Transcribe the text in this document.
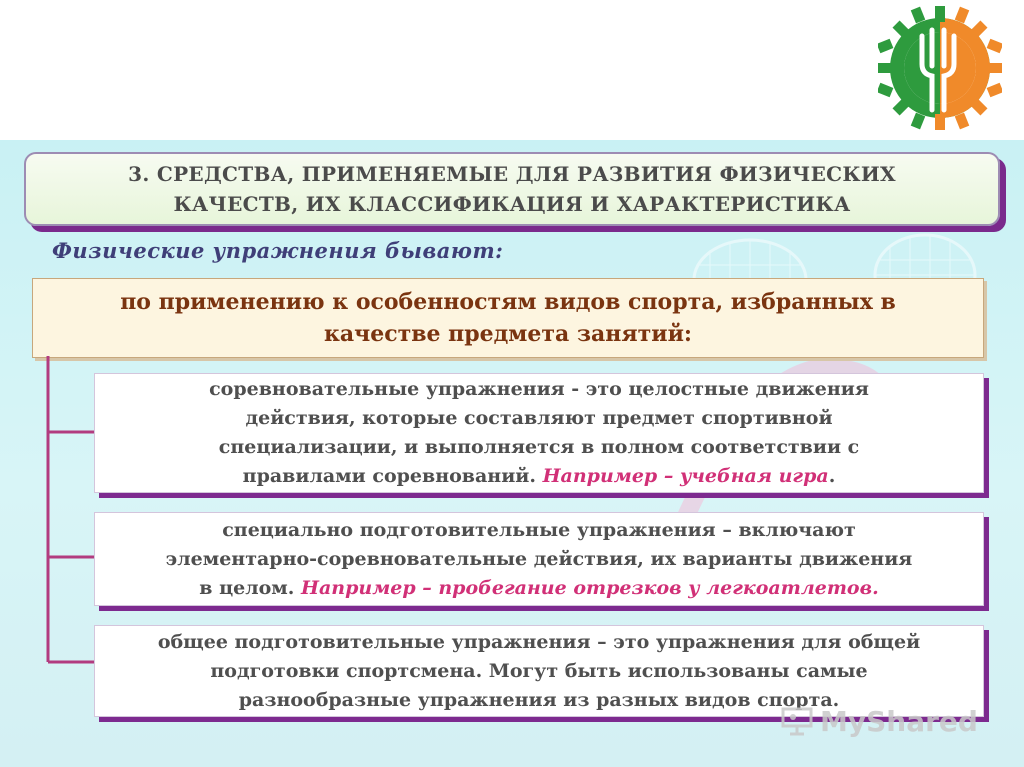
3. СРЕДСТВА, ПРИМЕНЯЕМЫЕ ДЛЯ РАЗВИТИЯ ФИЗИЧЕСКИХ
КАЧЕСТВ, ИХ КЛАССИФИКАЦИЯ И ХАРАКТЕРИСТИКА
Физические упражнения бывают:
по применению к особенностям видов спорта, избранных в
качестве предмета занятий:
соревновательные упражнения - это целостные движения
действия, которые составляют предмет спортивной
специализации, и выполняется в полном соответствии с
правилами соревнований. Например – учебная игра.
специально подготовительные упражнения – включают
элементарно-соревновательные действия, их варианты движения
в целом. Например – пробегание отрезков у легкоатлетов.
общее подготовительные упражнения – это упражнения для общей
подготовки спортсмена. Могут быть использованы самые
разнообразные упражнения из разных видов спорта.
MyShared
